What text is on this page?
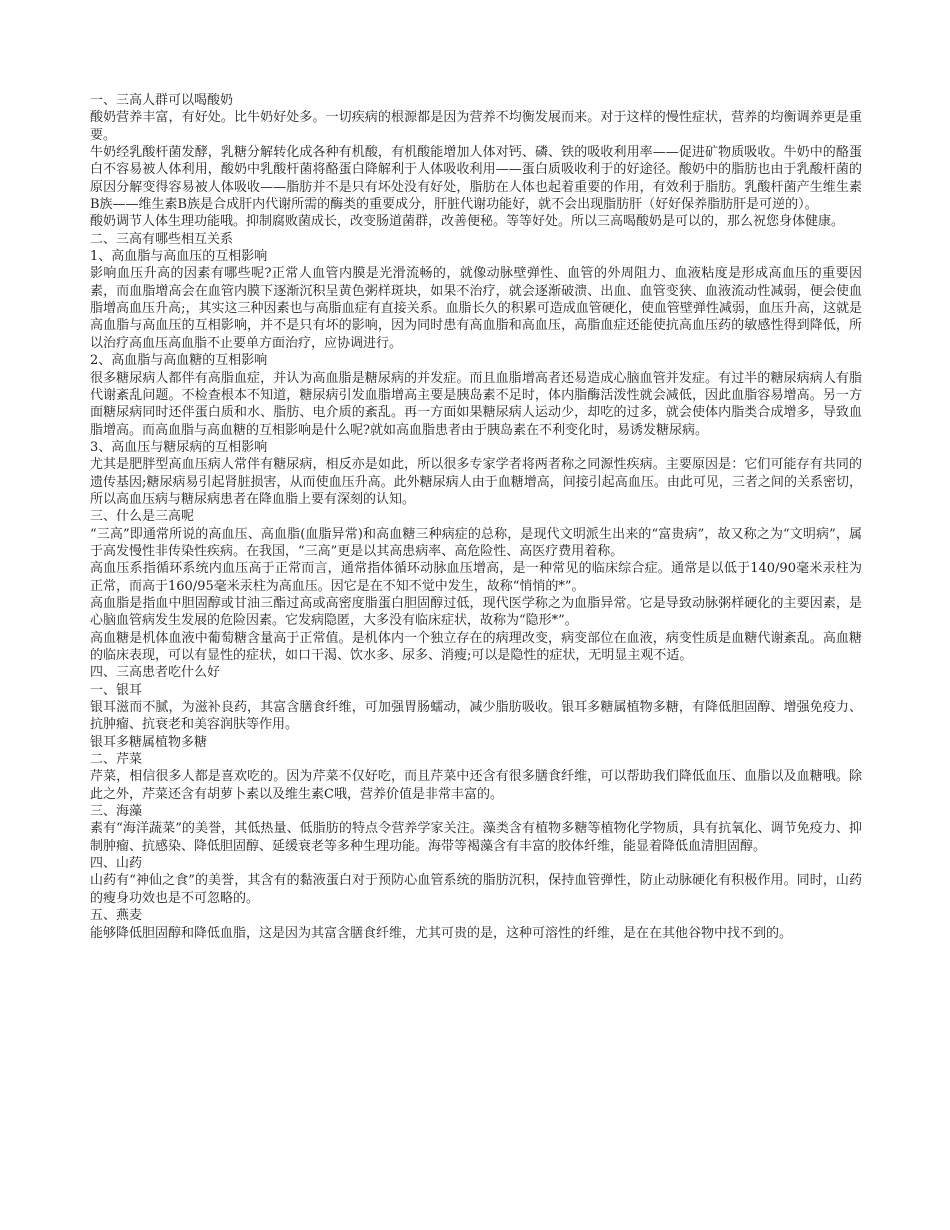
一、三高人群可以喝酸奶

酸奶营养丰富，有好处。比牛奶好处多。一切疾病的根源都是因为营养不均衡发展而来。对于这样的慢性症状，营养的均衡调养更是重要。

牛奶经乳酸杆菌发酵，乳糖分解转化成各种有机酸，有机酸能增加人体对钙、磷、铁的吸收利用率——促进矿物质吸收。牛奶中的酪蛋白不容易被人体利用，酸奶中乳酸杆菌将酪蛋白降解利于人体吸收利用——蛋白质吸收利于的好途径。酸奶中的脂肪也由于乳酸杆菌的原因分解变得容易被人体吸收——脂肪并不是只有坏处没有好处，脂肪在人体也起着重要的作用，有效利于脂肪。乳酸杆菌产生维生素B族——维生素B族是合成肝内代谢所需的酶类的重要成分，肝脏代谢功能好，就不会出现脂肪肝（好好保养脂肪肝是可逆的）。

酸奶调节人体生理功能哦。抑制腐败菌成长，改变肠道菌群，改善便秘。等等好处。所以三高喝酸奶是可以的，那么祝您身体健康。

二、三高有哪些相互关系

1、高血脂与高血压的互相影响

影响血压升高的因素有哪些呢?正常人血管内膜是光滑流畅的，就像动脉壁弹性、血管的外周阻力、血液粘度是形成高血压的重要因素，而血脂增高会在血管内膜下逐渐沉积呈黄色粥样斑块，如果不治疗，就会逐渐破溃、出血、血管变狭、血液流动性减弱，便会使血脂增高血压升高;，其实这三种因素也与高脂血症有直接关系。血脂长久的积累可造成血管硬化，使血管壁弹性减弱，血压升高，这就是高血脂与高血压的互相影响，并不是只有坏的影响，因为同时患有高血脂和高血压，高脂血症还能使抗高血压药的敏感性得到降低，所以治疗高血压高血脂不止要单方面治疗，应协调进行。

2、高血脂与高血糖的互相影响

很多糖尿病人都伴有高脂血症，并认为高血脂是糖尿病的并发症。而且血脂增高者还易造成心脑血管并发症。有过半的糖尿病病人有脂代谢紊乱问题。不检查根本不知道，糖尿病引发血脂增高主要是胰岛素不足时，体内脂酶活泼性就会减低，因此血脂容易增高。另一方面糖尿病同时还伴蛋白质和水、脂肪、电介质的紊乱。再一方面如果糖尿病人运动少，却吃的过多，就会使体内脂类合成增多，导致血脂增高。而高血脂与高血糖的互相影响是什么呢?就如高血脂患者由于胰岛素在不利变化时，易诱发糖尿病。

3、高血压与糖尿病的互相影响

尤其是肥胖型高血压病人常伴有糖尿病，相反亦是如此，所以很多专家学者将两者称之同源性疾病。主要原因是：它们可能存有共同的遗传基因;糖尿病易引起肾脏损害，从而使血压升高。此外糖尿病人由于血糖增高，间接引起高血压。由此可见，三者之间的关系密切，所以高血压病与糖尿病患者在降血脂上要有深刻的认知。

三、什么是三高呢

“三高”即通常所说的高血压、高血脂(血脂异常)和高血糖三种病症的总称，是现代文明派生出来的“富贵病”，故又称之为“文明病”，属于高发慢性非传染性疾病。在我国，“三高”更是以其高患病率、高危险性、高医疗费用着称。

高血压系指循环系统内血压高于正常而言，通常指体循环动脉血压增高，是一种常见的临床综合症。通常是以低于140/90毫米汞柱为正常，而高于160/95毫米汞柱为高血压。因它是在不知不觉中发生，故称“悄悄的*”。

高血脂是指血中胆固醇或甘油三酯过高或高密度脂蛋白胆固醇过低，现代医学称之为血脂异常。它是导致动脉粥样硬化的主要因素，是心脑血管病发生发展的危险因素。它发病隐匿，大多没有临床症状，故称为“隐形*”。

高血糖是机体血液中葡萄糖含量高于正常值。是机体内一个独立存在的病理改变，病变部位在血液，病变性质是血糖代谢紊乱。高血糖的临床表现，可以有显性的症状，如口干渴、饮水多、尿多、消瘦;可以是隐性的症状，无明显主观不适。

四、三高患者吃什么好

一、银耳

银耳滋而不腻，为滋补良药，其富含膳食纤维，可加强胃肠蠕动，减少脂肪吸收。银耳多糖属植物多糖，有降低胆固醇、增强免疫力、抗肿瘤、抗衰老和美容润肤等作用。

银耳多糖属植物多糖

二、芹菜

芹菜，相信很多人都是喜欢吃的。因为芹菜不仅好吃，而且芹菜中还含有很多膳食纤维，可以帮助我们降低血压、血脂以及血糖哦。除此之外，芹菜还含有胡萝卜素以及维生素C哦，营养价值是非常丰富的。

三、海藻

素有“海洋蔬菜”的美誉，其低热量、低脂肪的特点令营养学家关注。藻类含有植物多糖等植物化学物质，具有抗氧化、调节免疫力、抑制肿瘤、抗感染、降低胆固醇、延缓衰老等多种生理功能。海带等褐藻含有丰富的胶体纤维，能显着降低血清胆固醇。

四、山药

山药有“神仙之食”的美誉，其含有的黏液蛋白对于预防心血管系统的脂肪沉积，保持血管弹性，防止动脉硬化有积极作用。同时，山药的瘦身功效也是不可忽略的。

五、燕麦

能够降低胆固醇和降低血脂，这是因为其富含膳食纤维，尤其可贵的是，这种可溶性的纤维，是在在其他谷物中找不到的。
